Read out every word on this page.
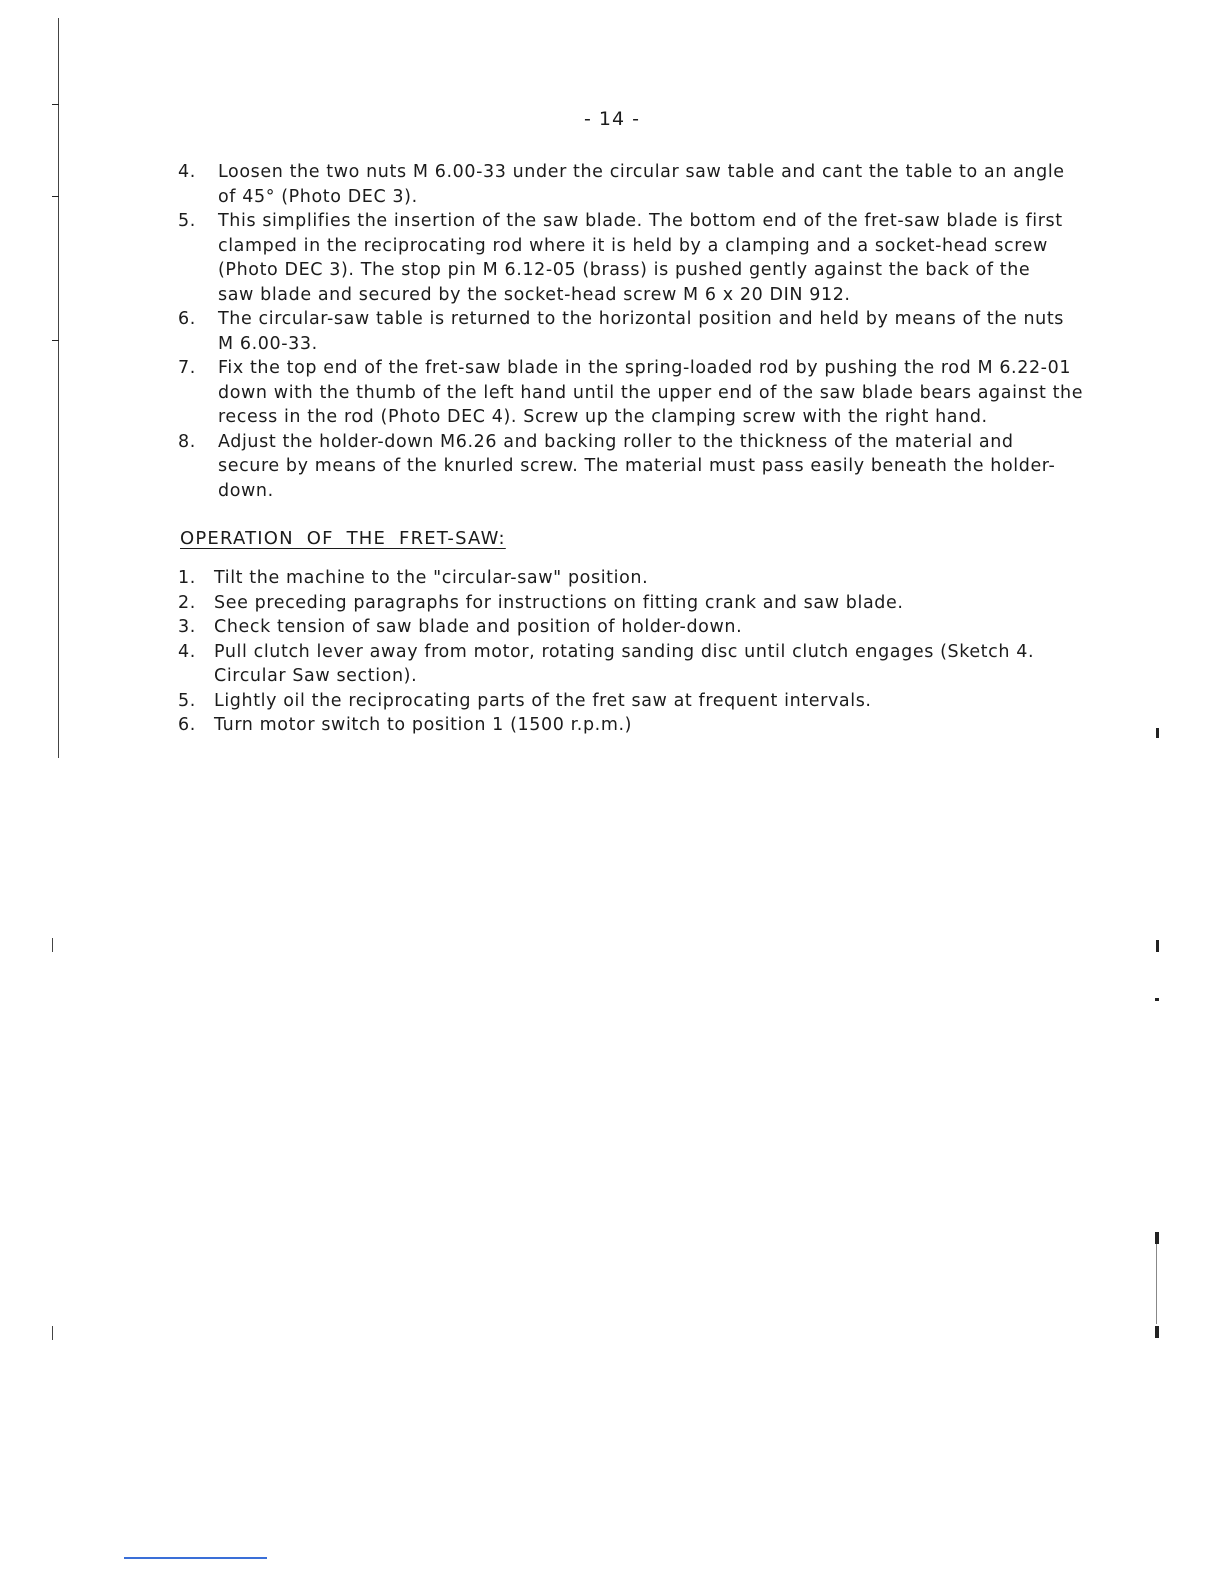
- 14 -
4.	Loosen the two nuts M 6.00-33 under the circular saw table and cant the table to an angle
of 45° (Photo DEC 3).
5.	This simplifies the insertion of the saw blade. The bottom end of the fret-saw blade is first
clamped in the reciprocating rod where it is held by a clamping and a socket-head screw
(Photo DEC 3). The stop pin M 6.12-05 (brass) is pushed gently against the back of the
saw blade and secured by the socket-head screw M 6 x 20 DIN 912.
6.	The circular-saw table is returned to the horizontal position and held by means of the nuts
M 6.00-33.
7.	Fix the top end of the fret-saw blade in the spring-loaded rod by pushing the rod M 6.22-01
down with the thumb of the left hand until the upper end of the saw blade bears against the
recess in the rod (Photo DEC 4). Screw up the clamping screw with the right hand.
8.	Adjust the holder-down M6.26 and backing roller to the thickness of the material and
secure by means of the knurled screw. The material must pass easily beneath the holder-
down.
OPERATION OF THE FRET-SAW:
1.	Tilt the machine to the "circular-saw" position.
2.	See preceding paragraphs for instructions on fitting crank and saw blade.
3.	Check tension of saw blade and position of holder-down.
4.	Pull clutch lever away from motor, rotating sanding disc until clutch engages (Sketch 4.
Circular Saw section).
5.	Lightly oil the reciprocating parts of the fret saw at frequent intervals.
6.	Turn motor switch to position 1 (1500 r.p.m.)
